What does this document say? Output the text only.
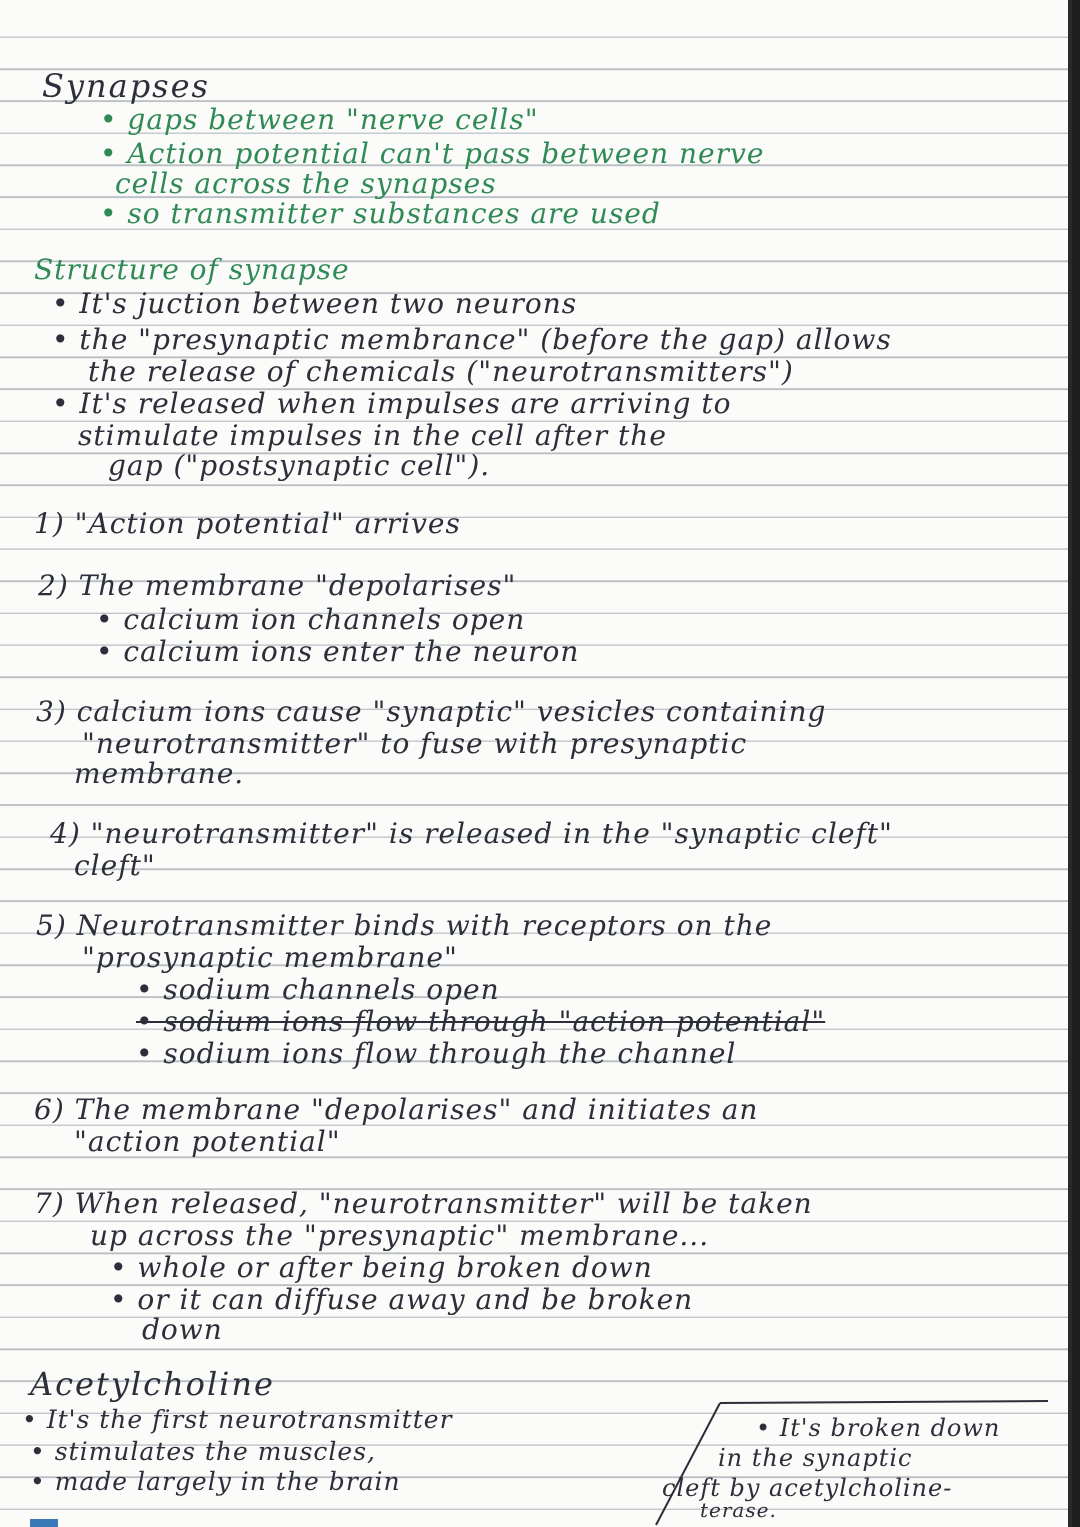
Synapses
• gaps between "nerve cells"
• Action potential can't pass between nerve
cells across the synapses
• so transmitter substances are used
Structure of synapse
• It's juction between two neurons
• the "presynaptic membrance" (before the gap) allows
the release of chemicals ("neurotransmitters")
• It's released when impulses are arriving to
stimulate impulses in the cell after the
gap ("postsynaptic cell").
1) "Action potential" arrives
2) The membrane "depolarises"
• calcium ion channels open
• calcium ions enter the neuron
3) calcium ions cause "synaptic" vesicles containing
"neurotransmitter" to fuse with presynaptic
membrane.
4) "neurotransmitter" is released in the "synaptic cleft"
cleft"
5) Neurotransmitter binds with receptors on the
"prosynaptic membrane"
• sodium channels open
• sodium ions flow through "action potential"
• sodium ions flow through the channel
6) The membrane "depolarises" and initiates an
"action potential"
7) When released, "neurotransmitter" will be taken
up across the "presynaptic" membrane...
• whole or after being broken down
• or it can diffuse away and be broken
down
Acetylcholine
• It's the first neurotransmitter
• stimulates the muscles,
• made largely in the brain
• It's broken down
in the synaptic
cleft by acetylcholine-
terase.
